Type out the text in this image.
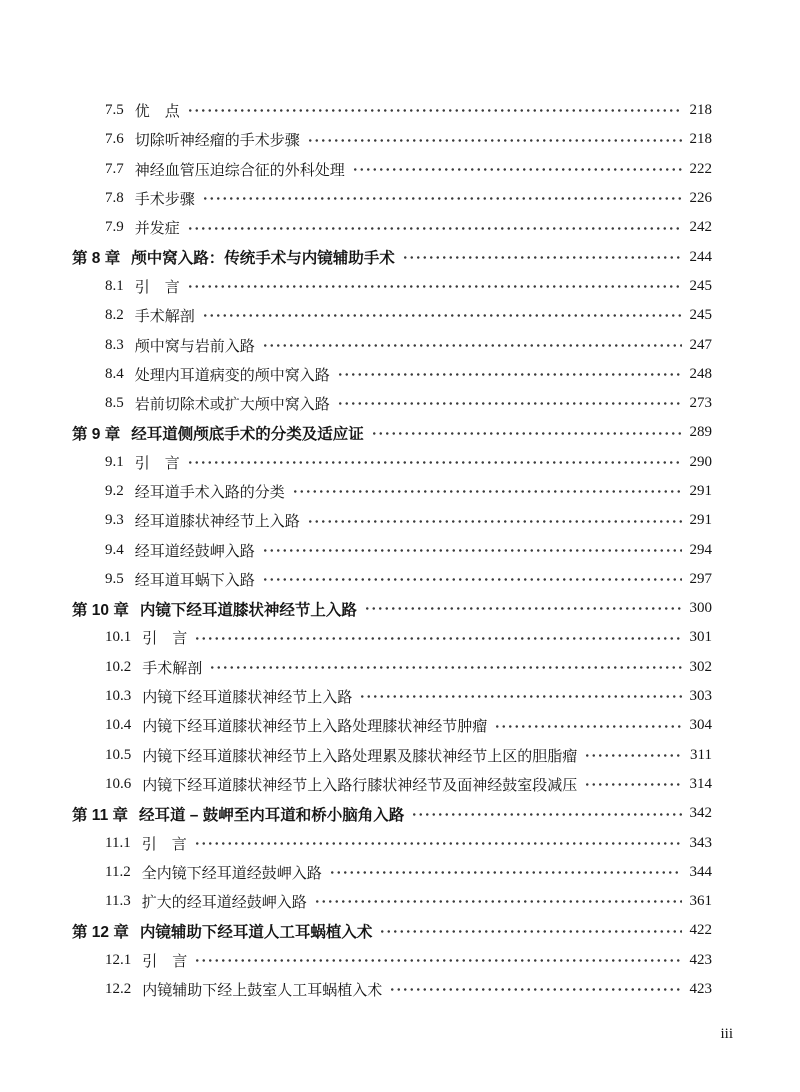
7.5 优　点	218
7.6 切除听神经瘤的手术步骤	218
7.7 神经血管压迫综合征的外科处理	222
7.8 手术步骤	226
7.9 并发症	242
第 8 章 颅中窝入路：传统手术与内镜辅助手术	244
8.1 引　言	245
8.2 手术解剖	245
8.3 颅中窝与岩前入路	247
8.4 处理内耳道病变的颅中窝入路	248
8.5 岩前切除术或扩大颅中窝入路	273
第 9 章 经耳道侧颅底手术的分类及适应证	289
9.1 引　言	290
9.2 经耳道手术入路的分类	291
9.3 经耳道膝状神经节上入路	291
9.4 经耳道经鼓岬入路	294
9.5 经耳道耳蜗下入路	297
第 10 章 内镜下经耳道膝状神经节上入路	300
10.1 引　言	301
10.2 手术解剖	302
10.3 内镜下经耳道膝状神经节上入路	303
10.4 内镜下经耳道膝状神经节上入路处理膝状神经节肿瘤	304
10.5 内镜下经耳道膝状神经节上入路处理累及膝状神经节上区的胆脂瘤	311
10.6 内镜下经耳道膝状神经节上入路行膝状神经节及面神经鼓室段减压	314
第 11 章 经耳道 – 鼓岬至内耳道和桥小脑角入路	342
11.1 引　言	343
11.2 全内镜下经耳道经鼓岬入路	344
11.3 扩大的经耳道经鼓岬入路	361
第 12 章 内镜辅助下经耳道人工耳蜗植入术	422
12.1 引　言	423
12.2 内镜辅助下经上鼓室人工耳蜗植入术	423
iii
